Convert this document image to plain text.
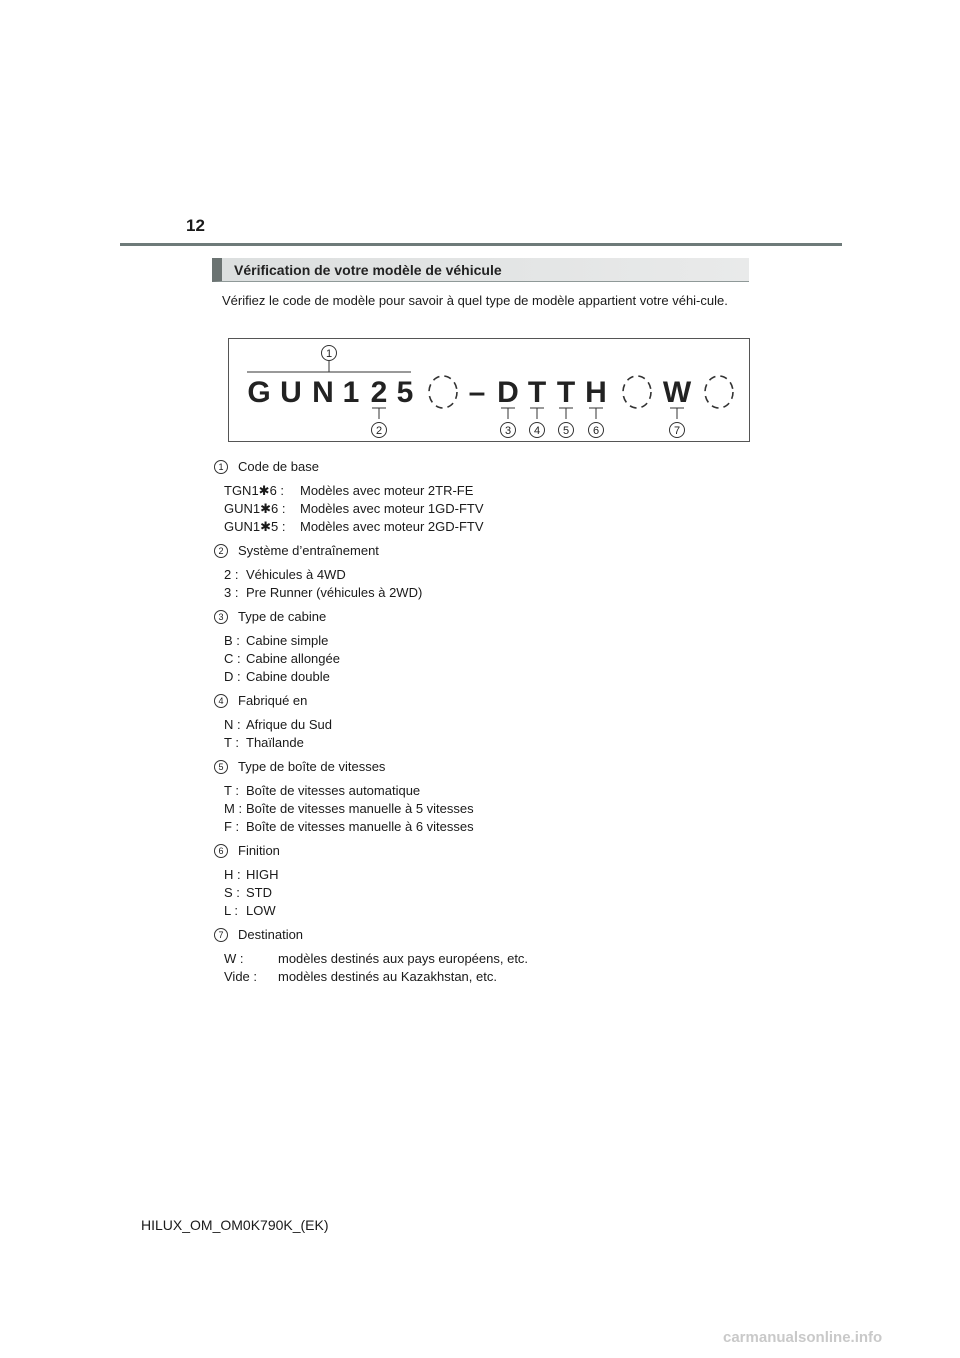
12
Vérification de votre modèle de véhicule
Vérifiez le code de modèle pour savoir à quel type de modèle appartient votre véhi-cule.
1
G U N 1 2 5 – D T T H W
2	3 4 5 6	7
1	Code de base
TGN1✱6 : Modèles avec moteur 2TR-FE
GUN1✱6 : Modèles avec moteur 1GD-FTV
GUN1✱5 : Modèles avec moteur 2GD-FTV
2	Système d’entraînement
2 : Véhicules à 4WD
3 : Pre Runner (véhicules à 2WD)
3	Type de cabine
B : Cabine simple
C : Cabine allongée
D : Cabine double
4	Fabriqué en
N : Afrique du Sud
T : Thaïlande
5	Type de boîte de vitesses
T : Boîte de vitesses automatique
M : Boîte de vitesses manuelle à 5 vitesses
F : Boîte de vitesses manuelle à 6 vitesses
6	Finition
H : HIGH
S : STD
L : LOW
7	Destination
W :	modèles destinés aux pays européens, etc.
Vide : modèles destinés au Kazakhstan, etc.
HILUX_OM_OM0K790K_(EK)
carmanualsonline.info
